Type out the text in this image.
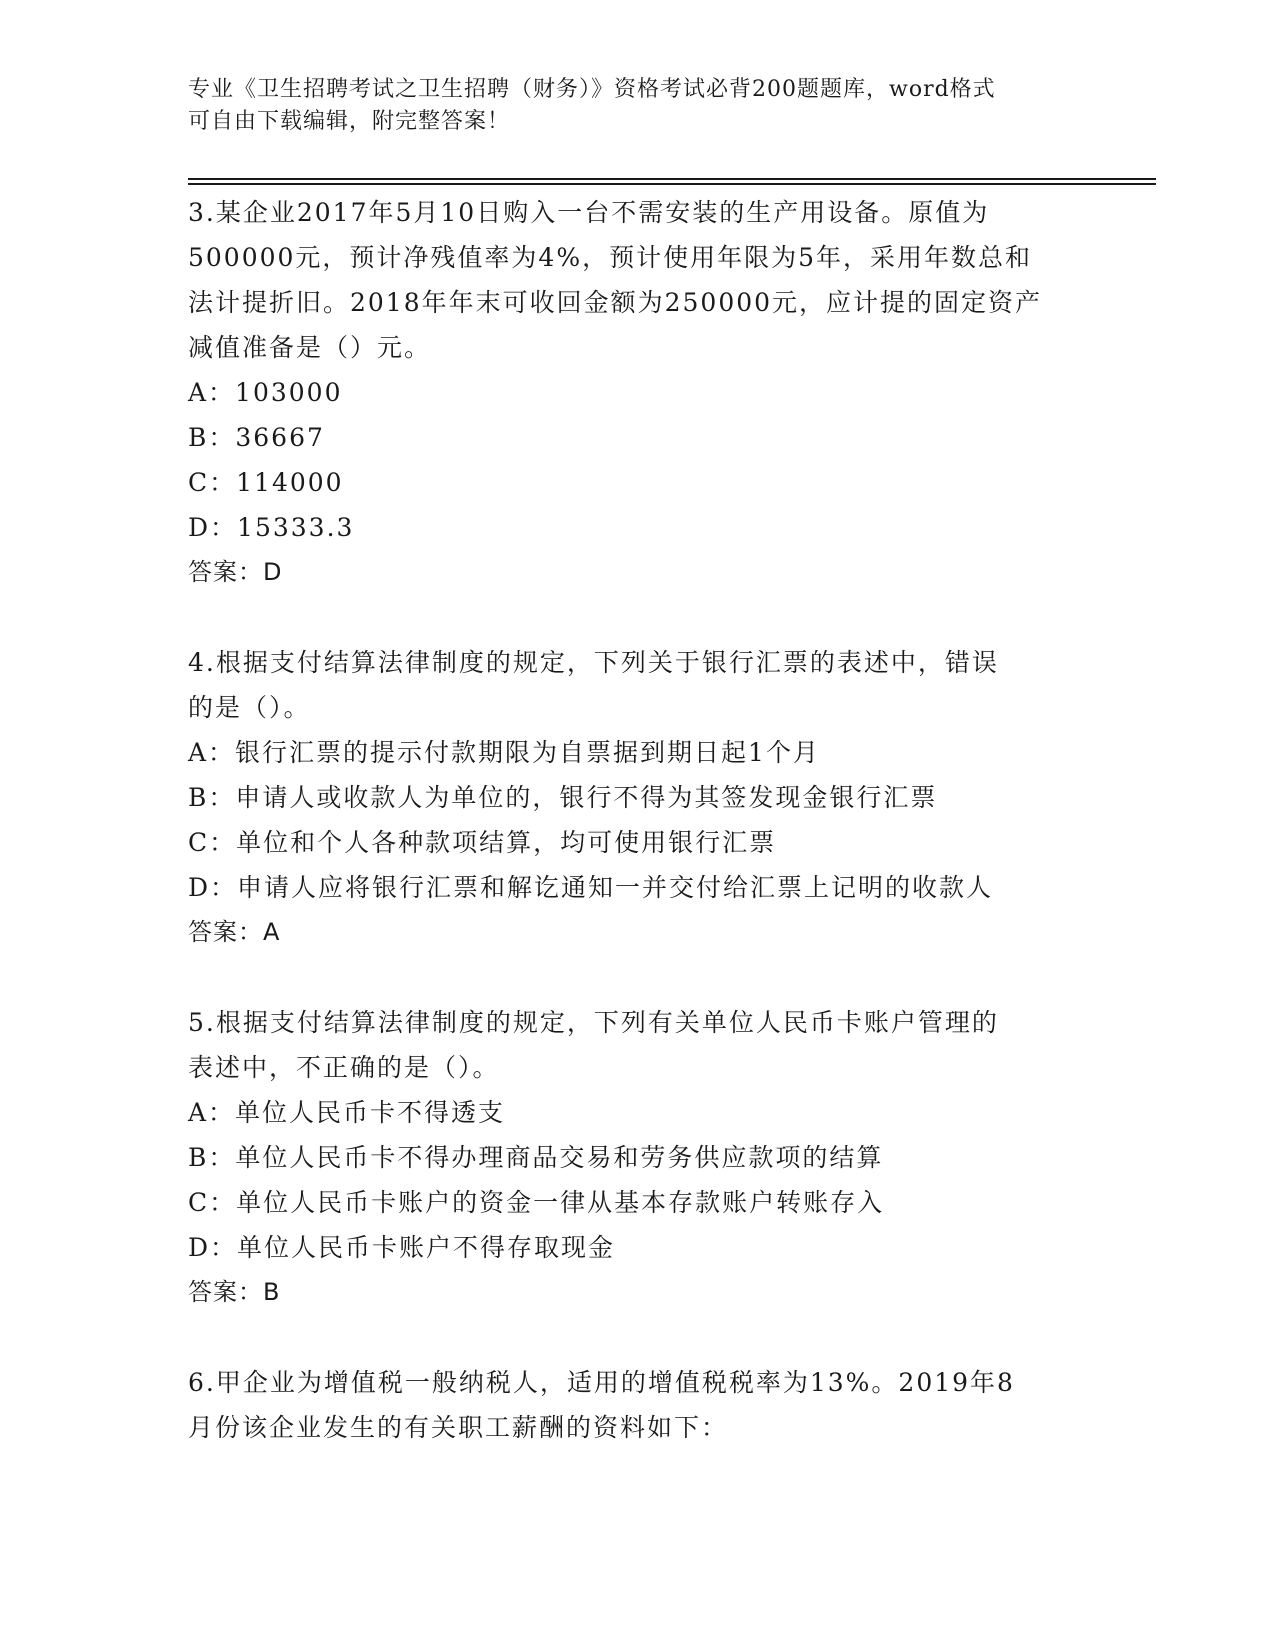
专业《卫生招聘考试之卫生招聘（财务）》资格考试必背200题题库，word格式
可自由下载编辑，附完整答案！
3.某企业2017年5月10日购入一台不需安装的生产用设备。原值为
500000元，预计净残值率为4%，预计使用年限为5年，采用年数总和
法计提折旧。2018年年末可收回金额为250000元，应计提的固定资产
减值准备是（）元。
A：103000
B：36667
C：114000
D：15333.3
答案：D
4.根据支付结算法律制度的规定，下列关于银行汇票的表述中，错误
的是（）。
A：银行汇票的提示付款期限为自票据到期日起1个月
B：申请人或收款人为单位的，银行不得为其签发现金银行汇票
C：单位和个人各种款项结算，均可使用银行汇票
D：申请人应将银行汇票和解讫通知一并交付给汇票上记明的收款人
答案：A
5.根据支付结算法律制度的规定，下列有关单位人民币卡账户管理的
表述中，不正确的是（）。
A：单位人民币卡不得透支
B：单位人民币卡不得办理商品交易和劳务供应款项的结算
C：单位人民币卡账户的资金一律从基本存款账户转账存入
D：单位人民币卡账户不得存取现金
答案：B
6.甲企业为增值税一般纳税人，适用的增值税税率为13%。2019年8
月份该企业发生的有关职工薪酬的资料如下：
